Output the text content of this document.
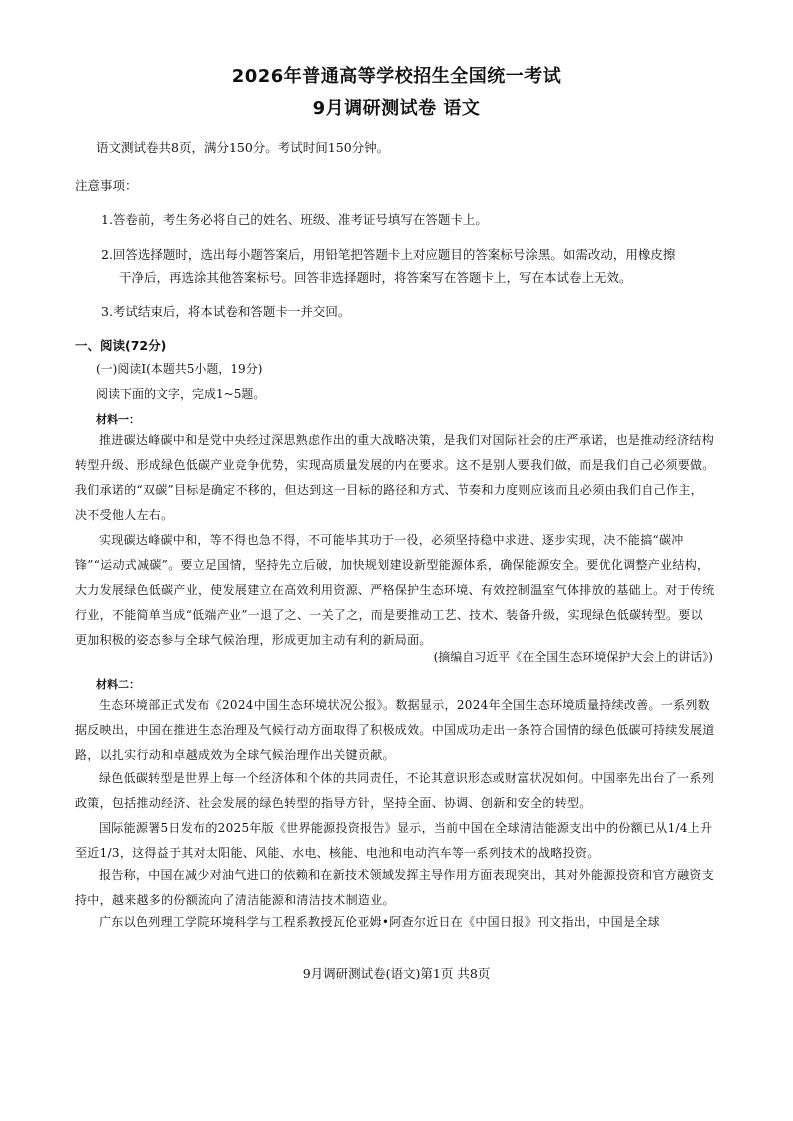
2026年普通高等学校招生全国统一考试
9月调研测试卷 语文
语文测试卷共8页，满分150分。考试时间150分钟。
注意事项：
1.答卷前，考生务必将自己的姓名、班级、准考证号填写在答题卡上。
2.回答选择题时，选出每小题答案后，用铅笔把答题卡上对应题目的答案标号涂黑。如需改动，用橡皮擦
干净后，再选涂其他答案标号。回答非选择题时，将答案写在答题卡上，写在本试卷上无效。
3.考试结束后，将本试卷和答题卡一并交回。
一、阅读(72分)
(一)阅读Ⅰ(本题共5小题，19分)
阅读下面的文字，完成1~5题。
材料一：
推进碳达峰碳中和是党中央经过深思熟虑作出的重大战略决策，是我们对国际社会的庄严承诺，也是推动经济结构转型升级、形成绿色低碳产业竞争优势，实现高质量发展的内在要求。这不是别人要我们做，而是我们自己必须要做。我们承诺的“双碳”目标是确定不移的，但达到这一目标的路径和方式、节奏和力度则应该而且必须由我们自己作主，决不受他人左右。
实现碳达峰碳中和，等不得也急不得，不可能毕其功于一役，必须坚持稳中求进、逐步实现，决不能搞“碳冲锋”“运动式减碳”。要立足国情，坚持先立后破，加快规划建设新型能源体系，确保能源安全。要优化调整产业结构，大力发展绿色低碳产业，使发展建立在高效利用资源、严格保护生态环境、有效控制温室气体排放的基础上。对于传统行业，不能简单当成“低端产业”一退了之、一关了之，而是要推动工艺、技术、装备升级，实现绿色低碳转型。要以更加积极的姿态参与全球气候治理，形成更加主动有利的新局面。
(摘编自习近平《在全国生态环境保护大会上的讲话》)
材料二：
生态环境部正式发布《2024中国生态环境状况公报》。数据显示，2024年全国生态环境质量持续改善。一系列数据反映出，中国在推进生态治理及气候行动方面取得了积极成效。中国成功走出一条符合国情的绿色低碳可持续发展道路，以扎实行动和卓越成效为全球气候治理作出关键贡献。
绿色低碳转型是世界上每一个经济体和个体的共同责任，不论其意识形态或财富状况如何。中国率先出台了一系列政策，包括推动经济、社会发展的绿色转型的指导方针，坚持全面、协调、创新和安全的转型。
国际能源署5日发布的2025年版《世界能源投资报告》显示，当前中国在全球清洁能源支出中的份额已从1/4上升至近1/3，这得益于其对太阳能、风能、水电、核能、电池和电动汽车等一系列技术的战略投资。
报告称，中国在减少对油气进口的依赖和在新技术领域发挥主导作用方面表现突出，其对外能源投资和官方融资支持中，越来越多的份额流向了清洁能源和清洁技术制造业。
广东以色列理工学院环境科学与工程系教授瓦伦亚姆•阿查尔近日在《中国日报》刊文指出，中国是全球
9月调研测试卷(语文)第1页 共8页
